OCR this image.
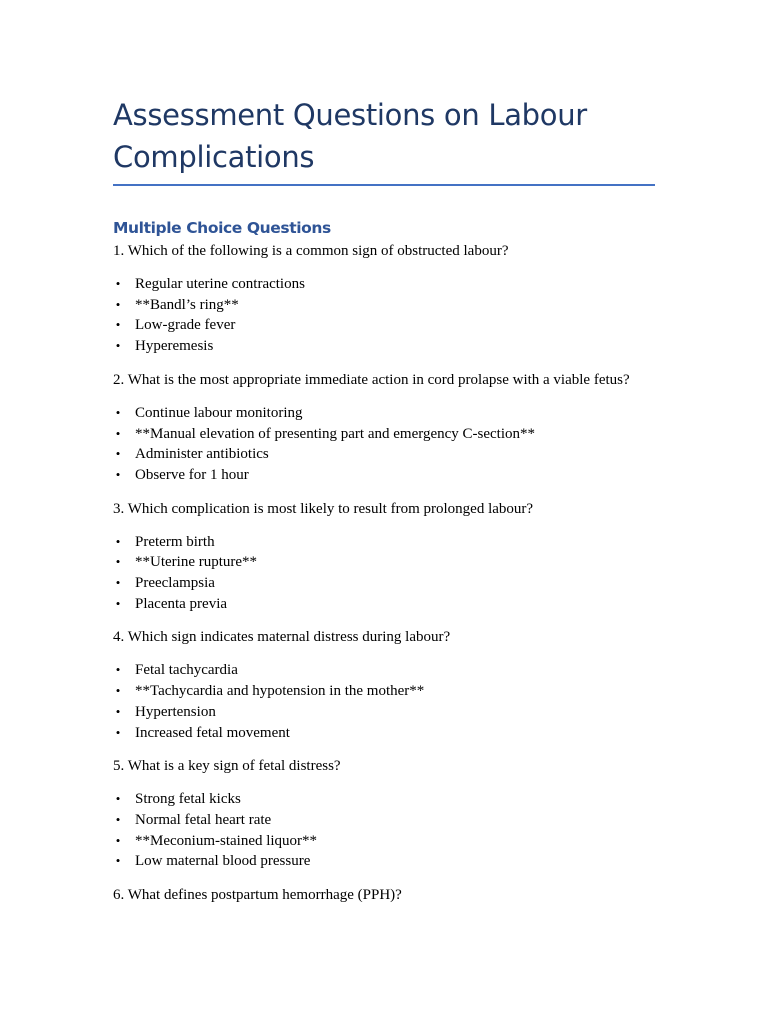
Assessment Questions on Labour
Complications
Multiple Choice Questions

1. Which of the following is a common sign of obstructed labour?

• Regular uterine contractions
• **Bandl’s ring**
• Low-grade fever
• Hyperemesis

2. What is the most appropriate immediate action in cord prolapse with a viable fetus?

• Continue labour monitoring
• **Manual elevation of presenting part and emergency C-section**
• Administer antibiotics
• Observe for 1 hour

3. Which complication is most likely to result from prolonged labour?

• Preterm birth
• **Uterine rupture**
• Preeclampsia
• Placenta previa

4. Which sign indicates maternal distress during labour?

• Fetal tachycardia
• **Tachycardia and hypotension in the mother**
• Hypertension
• Increased fetal movement

5. What is a key sign of fetal distress?

• Strong fetal kicks
• Normal fetal heart rate
• **Meconium-stained liquor**
• Low maternal blood pressure

6. What defines postpartum hemorrhage (PPH)?
